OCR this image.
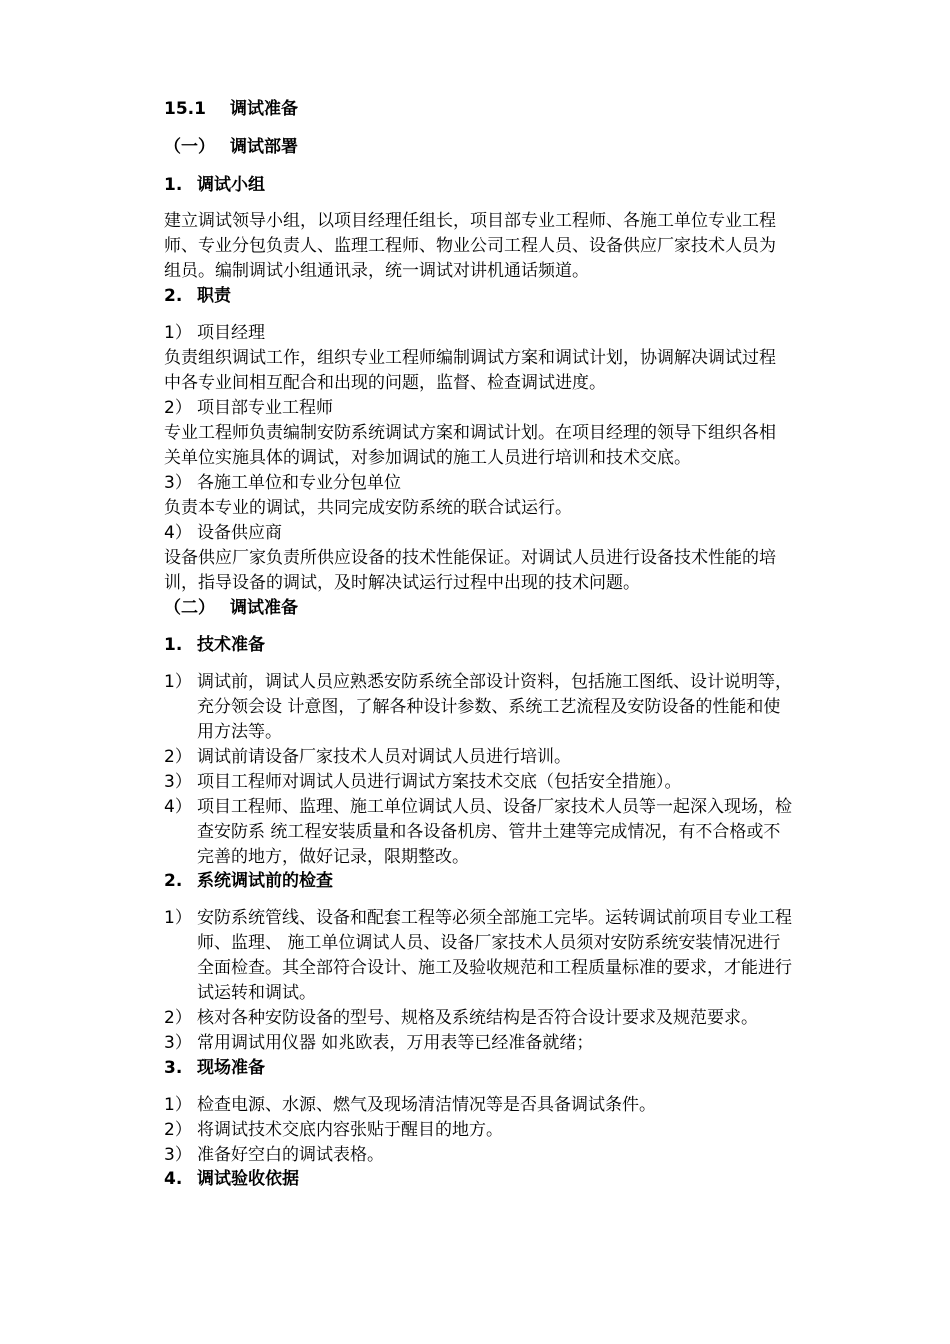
15.1 调试准备
（一） 调试部署
1. 调试小组
建立调试领导小组，以项目经理任组长，项目部专业工程师、各施工单位专业工程
师、专业分包负责人、监理工程师、物业公司工程人员、设备供应厂家技术人员为
组员。编制调试小组通讯录，统一调试对讲机通话频道。
2. 职责
1） 项目经理
负责组织调试工作，组织专业工程师编制调试方案和调试计划，协调解决调试过程
中各专业间相互配合和出现的问题，监督、检查调试进度。
2） 项目部专业工程师
专业工程师负责编制安防系统调试方案和调试计划。在项目经理的领导下组织各相
关单位实施具体的调试，对参加调试的施工人员进行培训和技术交底。
3） 各施工单位和专业分包单位
负责本专业的调试，共同完成安防系统的联合试运行。
4） 设备供应商
设备供应厂家负责所供应设备的技术性能保证。对调试人员进行设备技术性能的培
训，指导设备的调试，及时解决试运行过程中出现的技术问题。
（二） 调试准备
1. 技术准备
1） 调试前，调试人员应熟悉安防系统全部设计资料，包括施工图纸、设计说明等，
充分领会设 计意图，了解各种设计参数、系统工艺流程及安防设备的性能和使
用方法等。
2） 调试前请设备厂家技术人员对调试人员进行培训。
3） 项目工程师对调试人员进行调试方案技术交底（包括安全措施）。
4） 项目工程师、监理、施工单位调试人员、设备厂家技术人员等一起深入现场，检
查安防系 统工程安装质量和各设备机房、管井土建等完成情况，有不合格或不
完善的地方，做好记录，限期整改。
2. 系统调试前的检查
1） 安防系统管线、设备和配套工程等必须全部施工完毕。运转调试前项目专业工程
师、监理、 施工单位调试人员、设备厂家技术人员须对安防系统安装情况进行
全面检查。其全部符合设计、施工及验收规范和工程质量标准的要求，才能进行
试运转和调试。
2） 核对各种安防设备的型号、规格及系统结构是否符合设计要求及规范要求。
3） 常用调试用仪器 如兆欧表，万用表等已经准备就绪；
3. 现场准备
1） 检查电源、水源、燃气及现场清洁情况等是否具备调试条件。
2） 将调试技术交底内容张贴于醒目的地方。
3） 准备好空白的调试表格。
4. 调试验收依据
